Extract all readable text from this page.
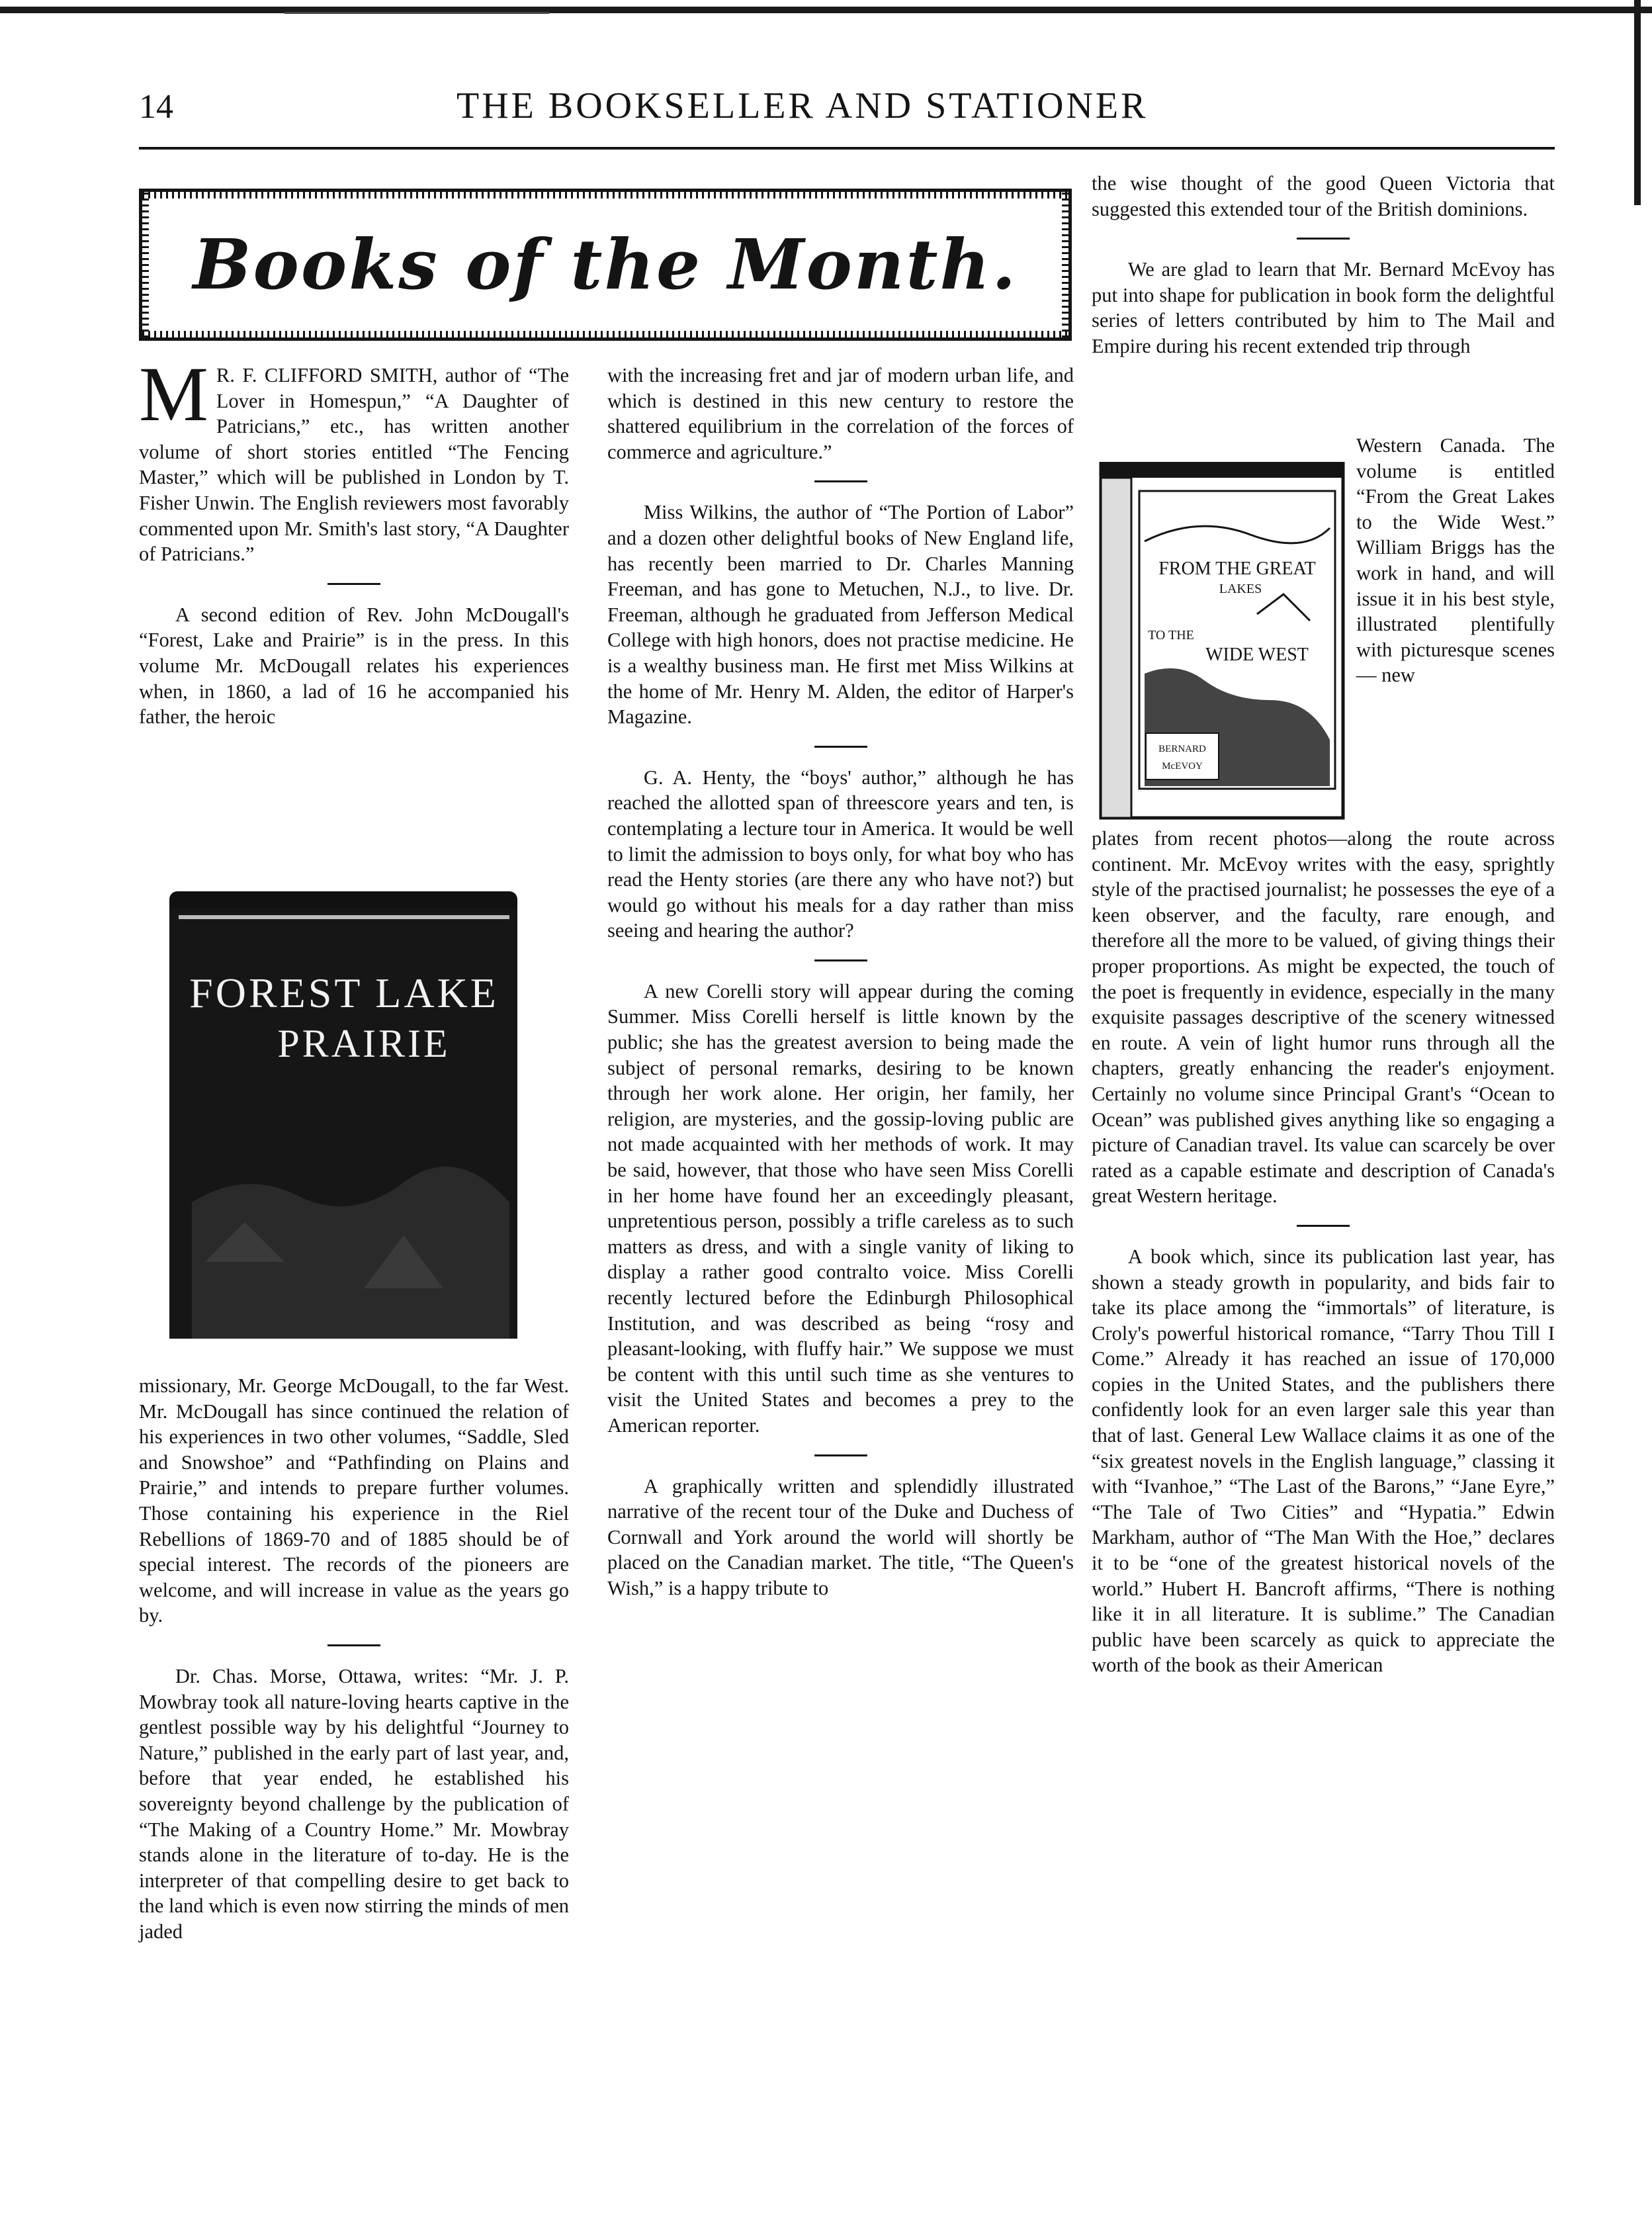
14	THE BOOKSELLER AND STATIONER
Books of the Month.

M R. F. CLIFFORD SMITH, author of “The Lover in Homespun,” “A Daughter of Patricians,” etc., has written another volume of short stories entitled “The Fencing Master,” which will be published in London by T. Fisher Unwin. The English reviewers most favorably commented upon Mr. Smith's last story, “A Daughter of Patricians.”

A second edition of Rev. John McDougall's “Forest, Lake and Prairie” is in the press. In this volume Mr. McDougall relates his experiences when, in 1860, a lad of 16 he accompanied his father, the heroic

FOREST LAKE
PRAIRIE

missionary, Mr. George McDougall, to the far West. Mr. McDougall has since continued the relation of his experiences in two other volumes, “Saddle, Sled and Snowshoe” and “Pathfinding on Plains and Prairie,” and intends to prepare further volumes. Those containing his experience in the Riel Rebellions of 1869-70 and of 1885 should be of special interest. The records of the pioneers are welcome, and will increase in value as the years go by.

Dr. Chas. Morse, Ottawa, writes: “Mr. J. P. Mowbray took all nature-loving hearts captive in the gentlest possible way by his delightful “Journey to Nature,” published in the early part of last year, and, before that year ended, he established his sovereignty beyond challenge by the publication of “The Making of a Country Home.” Mr. Mowbray stands alone in the literature of to-day. He is the interpreter of that compelling desire to get back to the land which is even now stirring the minds of men jaded

with the increasing fret and jar of modern urban life, and which is destined in this new century to restore the shattered equilibrium in the correlation of the forces of commerce and agriculture.”

Miss Wilkins, the author of “The Portion of Labor” and a dozen other delightful books of New England life, has recently been married to Dr. Charles Manning Freeman, and has gone to Metuchen, N.J., to live. Dr. Freeman, although he graduated from Jefferson Medical College with high honors, does not practise medicine. He is a wealthy business man. He first met Miss Wilkins at the home of Mr. Henry M. Alden, the editor of Harper's Magazine.

G. A. Henty, the “boys' author,” although he has reached the allotted span of threescore years and ten, is contemplating a lecture tour in America. It would be well to limit the admission to boys only, for what boy who has read the Henty stories (are there any who have not?) but would go without his meals for a day rather than miss seeing and hearing the author?

A new Corelli story will appear during the coming Summer. Miss Corelli herself is little known by the public; she has the greatest aversion to being made the subject of personal remarks, desiring to be known through her work alone. Her origin, her family, her religion, are mysteries, and the gossip-loving public are not made acquainted with her methods of work. It may be said, however, that those who have seen Miss Corelli in her home have found her an exceedingly pleasant, unpretentious person, possibly a trifle careless as to such matters as dress, and with a single vanity of liking to display a rather good contralto voice. Miss Corelli recently lectured before the Edinburgh Philosophical Institution, and was described as being “rosy and pleasant-looking, with fluffy hair.” We suppose we must be content with this until such time as she ventures to visit the United States and becomes a prey to the American reporter.

A graphically written and splendidly illustrated narrative of the recent tour of the Duke and Duchess of Cornwall and York around the world will shortly be placed on the Canadian market. The title, “The Queen's Wish,” is a happy tribute to

the wise thought of the good Queen Victoria that suggested this extended tour of the British dominions.

We are glad to learn that Mr. Bernard McEvoy has put into shape for publication in book form the delightful series of letters contributed by him to The Mail and Empire during his recent extended trip through

FROM THE GREAT
LAKES
TO THE
WIDE WEST
BERNARD
McEVOY

Western Canada. The volume is entitled “From the Great Lakes to the Wide West.” William Briggs has the work in hand, and will issue it in his best style, illustrated plentifully with picturesque scenes — new

plates from recent photos—along the route across continent. Mr. McEvoy writes with the easy, sprightly style of the practised journalist; he possesses the eye of a keen observer, and the faculty, rare enough, and therefore all the more to be valued, of giving things their proper proportions. As might be expected, the touch of the poet is frequently in evidence, especially in the many exquisite passages descriptive of the scenery witnessed en route. A vein of light humor runs through all the chapters, greatly enhancing the reader's enjoyment. Certainly no volume since Principal Grant's “Ocean to Ocean” was published gives anything like so engaging a picture of Canadian travel. Its value can scarcely be over rated as a capable estimate and description of Canada's great Western heritage.

A book which, since its publication last year, has shown a steady growth in popularity, and bids fair to take its place among the “immortals” of literature, is Croly's powerful historical romance, “Tarry Thou Till I Come.” Already it has reached an issue of 170,000 copies in the United States, and the publishers there confidently look for an even larger sale this year than that of last. General Lew Wallace claims it as one of the “six greatest novels in the English language,” classing it with “Ivanhoe,” “The Last of the Barons,” “Jane Eyre,” “The Tale of Two Cities” and “Hypatia.” Edwin Markham, author of “The Man With the Hoe,” declares it to be “one of the greatest historical novels of the world.” Hubert H. Bancroft affirms, “There is nothing like it in all literature. It is sublime.” The Canadian public have been scarcely as quick to appreciate the worth of the book as their American
